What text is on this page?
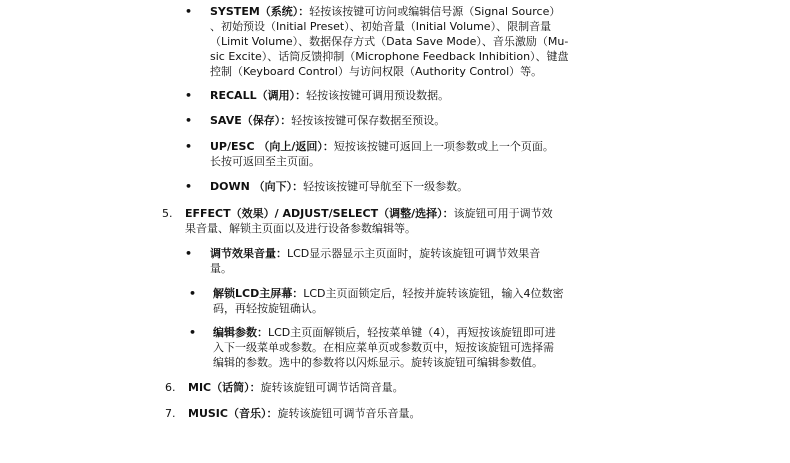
• SYSTEM（系统）：轻按该按键可访问或编辑信号源（Signal Source）
、初始预设（Initial Preset）、初始音量（Initial Volume）、限制音量
（Limit Volume）、数据保存方式（Data Save Mode）、音乐激励（Mu-
sic Excite）、话筒反馈抑制（Microphone Feedback Inhibition）、键盘
控制（Keyboard Control）与访问权限（Authority Control）等。
• RECALL（调用）：轻按该按键可调用预设数据。
• SAVE（保存）：轻按该按键可保存数据至预设。
• UP/ESC （向上/返回）：短按该按键可返回上一项参数或上一个页面。
长按可返回至主页面。
• DOWN （向下）：轻按该按键可导航至下一级参数。
5. EFFECT（效果）/ ADJUST/SELECT（调整/选择）：该旋钮可用于调节效
果音量、解锁主页面以及进行设备参数编辑等。
• 调节效果音量：LCD显示器显示主页面时，旋转该旋钮可调节效果音
量。
• 解锁LCD主屏幕：LCD主页面锁定后，轻按并旋转该旋钮，输入4位数密
码，再轻按旋钮确认。
• 编辑参数：LCD主页面解锁后，轻按菜单键（4），再短按该旋钮即可进
入下一级菜单或参数。在相应菜单页或参数页中，短按该旋钮可选择需
编辑的参数。选中的参数将以闪烁显示。旋转该旋钮可编辑参数值。
6. MIC（话筒）：旋转该旋钮可调节话筒音量。
7. MUSIC（音乐）：旋转该旋钮可调节音乐音量。
